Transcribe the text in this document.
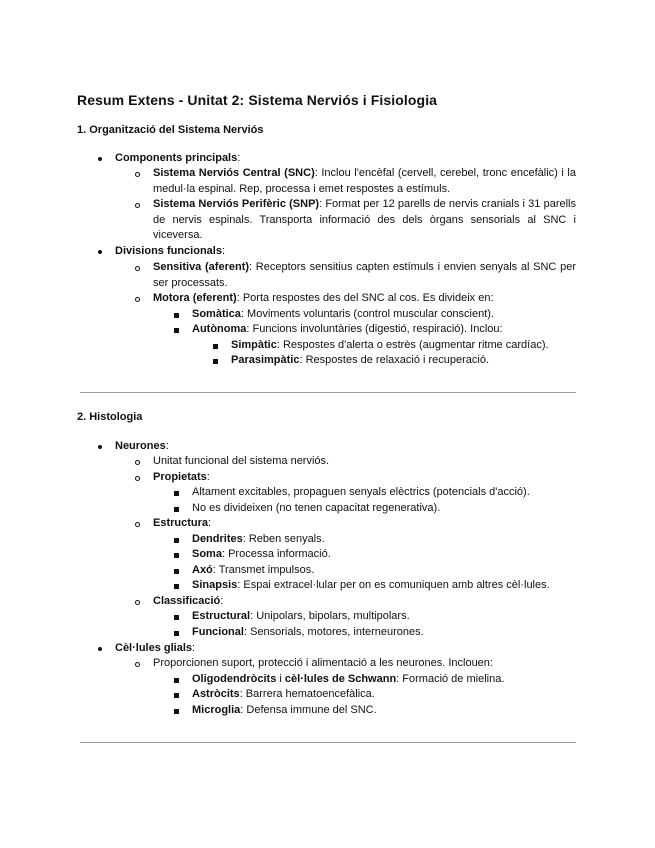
Resum Extens - Unitat 2: Sistema Nerviós i Fisiologia
1. Organització del Sistema Nerviós
Components principals:
Sistema Nerviós Central (SNC): Inclou l'encèfal (cervell, cerebel, tronc encefàlic) i la medul·la espinal. Rep, processa i emet respostes a estímuls.
Sistema Nerviós Perifèric (SNP): Format per 12 parells de nervis cranials i 31 parells de nervis espinals. Transporta informació des dels òrgans sensorials al SNC i viceversa.
Divisions funcionals:
Sensitiva (aferent): Receptors sensitius capten estímuls i envien senyals al SNC per ser processats.
Motora (eferent): Porta respostes des del SNC al cos. Es divideix en:
Somàtica: Moviments voluntaris (control muscular conscient).
Autònoma: Funcions involuntàries (digestió, respiració). Inclou:
Simpàtic: Respostes d'alerta o estrès (augmentar ritme cardíac).
Parasimpàtic: Respostes de relaxació i recuperació.
2. Histologia
Neurones:
Unitat funcional del sistema nerviós.
Propietats:
Altament excitables, propaguen senyals elèctrics (potencials d'acció).
No es divideixen (no tenen capacitat regenerativa).
Estructura:
Dendrites: Reben senyals.
Soma: Processa informació.
Axó: Transmet impulsos.
Sinapsis: Espai extracel·lular per on es comuniquen amb altres cèl·lules.
Classificació:
Estructural: Unipolars, bipolars, multipolars.
Funcional: Sensorials, motores, interneurones.
Cèl·lules glials:
Proporcionen suport, protecció i alimentació a les neurones. Inclouen:
Oligodendròcits i cèl·lules de Schwann: Formació de mielina.
Astròcits: Barrera hematoencefàlica.
Microglia: Defensa immune del SNC.
